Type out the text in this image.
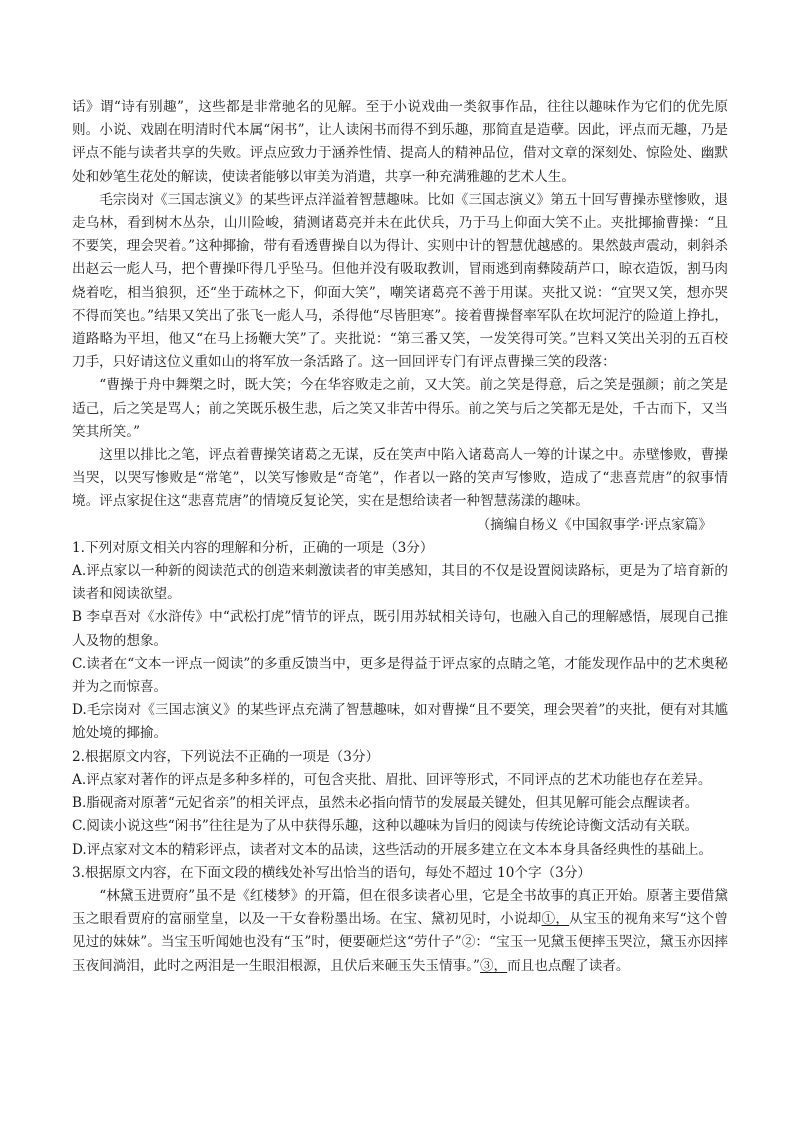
话》谓“诗有别趣”，这些都是非常驰名的见解。至于小说戏曲一类叙事作品，往往以趣味作为它们的优先原则。小说、戏剧在明清时代本属“闲书”，让人读闲书而得不到乐趣，那简直是造孽。因此，评点而无趣，乃是评点不能与读者共享的失败。评点应致力于涵养性情、提高人的精神品位，借对文章的深刻处、惊险处、幽默处和妙笔生花处的解读，使读者能够以审美为消遣，共享一种充满雅趣的艺术人生。

毛宗岗对《三国志演义》的某些评点洋溢着智慧趣味。比如《三国志演义》第五十回写曹操赤壁惨败，退走乌林，看到树木丛杂，山川险峻，猜测诸葛亮并未在此伏兵，乃于马上仰面大笑不止。夹批揶揄曹操：“且不要笑，理会哭着。”这种揶揄，带有看透曹操自以为得计、实则中计的智慧优越感的。果然鼓声震动，刺斜杀出赵云一彪人马，把个曹操吓得几乎坠马。但他并没有吸取教训，冒雨逃到南彝陵葫芦口，晾衣造饭，割马肉烧着吃，相当狼狈，还“坐于疏林之下，仰面大笑”，嘲笑诸葛亮不善于用谋。夹批又说：“宜哭又笑，想亦哭不得而笑也。”结果又笑出了张飞一彪人马，杀得他“尽皆胆寒”。接着曹操督率军队在坎坷泥泞的险道上挣扎，道路略为平坦，他又“在马上扬鞭大笑”了。夹批说：“第三番又笑，一发笑得可笑。”岂料又笑出关羽的五百校刀手，只好请这位义重如山的将军放一条活路了。这一回回评专门有评点曹操三笑的段落：

“曹操于舟中舞槊之时，既大笑；今在华容败走之前，又大笑。前之笑是得意，后之笑是强颜；前之笑是适己，后之笑是骂人；前之笑既乐极生悲，后之笑又非苦中得乐。前之笑与后之笑都无是处，千古而下，又当笑其所笑。”

这里以排比之笔，评点着曹操笑诸葛之无谋，反在笑声中陷入诸葛高人一筹的计谋之中。赤壁惨败，曹操当哭，以哭写惨败是“常笔”，以笑写惨败是“奇笔”，作者以一路的笑声写惨败，造成了“悲喜荒唐”的叙事情境。评点家捉住这“悲喜荒唐”的情境反复论笑，实在是想给读者一种智慧荡漾的趣味。

（摘编自杨义《中国叙事学·评点家篇》

1.下列对原文相关内容的理解和分析，正确的一项是（3分）

A.评点家以一种新的阅读范式的创造来刺激读者的审美感知，其目的不仅是设置阅读路标，更是为了培育新的读者和阅读欲望。

B 李卓吾对《水浒传》中“武松打虎”情节的评点，既引用苏轼相关诗句，也融入自己的理解感悟，展现自己推人及物的想象。

C.读者在“文本一评点一阅读”的多重反馈当中，更多是得益于评点家的点睛之笔，才能发现作品中的艺术奥秘并为之而惊喜。

D.毛宗岗对《三国志演义》的某些评点充满了智慧趣味，如对曹操“且不要笑，理会哭着”的夹批，便有对其尴尬处境的揶揄。

2.根据原文内容，下列说法不正确的一项是（3分）

A.评点家对著作的评点是多种多样的，可包含夹批、眉批、回评等形式，不同评点的艺术功能也存在差异。

B.脂砚斋对原著“元妃省亲”的相关评点，虽然未必指向情节的发展最关键处，但其见解可能会点醒读者。

C.阅读小说这些“闲书”往往是为了从中获得乐趣，这种以趣味为旨归的阅读与传统论诗衡文活动有关联。

D.评点家对文本的精彩评点，读者对文本的品读，这些活动的开展多建立在文本本身具备经典性的基础上。

3.根据原文内容，在下面文段的横线处补写出恰当的语句，每处不超过 10个字（3分）

“林黛玉进贾府”虽不是《红楼梦》的开篇，但在很多读者心里，它是全书故事的真正开始。原著主要借黛玉之眼看贾府的富丽堂皇，以及一干女眷粉墨出场。在宝、黛初见时，小说却①，从宝玉的视角来写“这个曾见过的妹妹”。当宝玉听闻她也没有“玉”时，便要砸烂这“劳什子”②：“宝玉一见黛玉便摔玉哭泣，黛玉亦因摔玉夜间淌泪，此时之两泪是一生眼泪根源，且伏后来砸玉失玉情事。”③，而且也点醒了读者。
